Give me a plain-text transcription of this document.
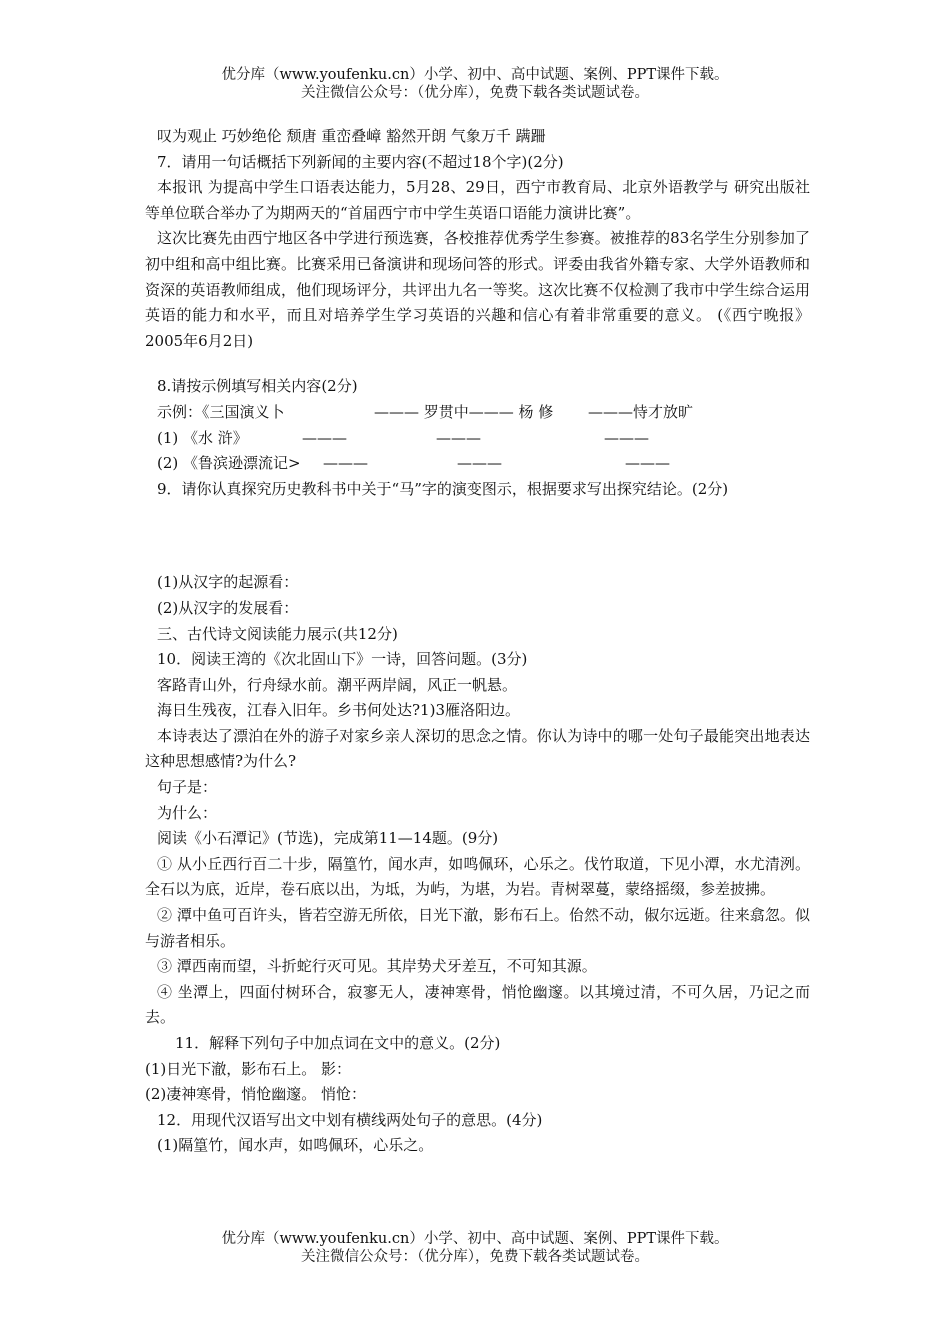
优分库（www.youfenku.cn）小学、初中、高中试题、案例、PPT课件下载。
关注微信公众号：（优分库），免费下载各类试题试卷。
叹为观止 巧妙绝伦 颓唐 重峦叠嶂 豁然开朗 气象万千 蹒跚
7．请用一句话概括下列新闻的主要内容(不超过18个字)(2分)
本报讯 为提高中学生口语表达能力，5月28、29日，西宁市教育局、北京外语教学与 研究出版社等单位联合举办了为期两天的“首届西宁市中学生英语口语能力演讲比赛”。
这次比赛先由西宁地区各中学进行预选赛，各校推荐优秀学生参赛。被推荐的83名学生分别参加了初中组和高中组比赛。比赛采用已备演讲和现场问答的形式。评委由我省外籍专家、大学外语教师和资深的英语教师组成，他们现场评分，共评出九名一等奖。这次比赛不仅检测了我市中学生综合运用英语的能力和水平，而且对培养学生学习英语的兴趣和信心有着非常重要的意义。 (《西宁晚报》2005年6月2日)
8.请按示例填写相关内容(2分)
示例：《三国演义卜	——— 罗贯中——— 杨 修	———恃才放旷
(1) 《水 浒》	———	———	———
(2) 《鲁滨逊漂流记>	———	———	———
9．请你认真探究历史教科书中关于“马”字的演变图示，根据要求写出探究结论。(2分)
(1)从汉字的起源看：
(2)从汉字的发展看：
三、古代诗文阅读能力展示(共12分)
10．阅读王湾的《次北固山下》一诗，回答问题。(3分)
客路青山外，行舟绿水前。潮平两岸阔，风正一帆悬。
海日生残夜，江春入旧年。乡书何处达?1)3雁洛阳边。
本诗表达了漂泊在外的游子对家乡亲人深切的思念之情。你认为诗中的哪一处句子最能突出地表达这种思想感情?为什么?
句子是：
为什么：
阅读《小石潭记》(节选)，完成第11—14题。(9分)
① 从小丘西行百二十步，隔篁竹，闻水声，如鸣佩环，心乐之。伐竹取道，下见小潭，水尤清洌。全石以为底，近岸，卷石底以出，为坻，为屿，为堪，为岩。青树翠蔓，蒙络摇缀，参差披拂。
② 潭中鱼可百许头，皆若空游无所依，日光下澈，影布石上。佁然不动，俶尔远逝。往来翕忽。似与游者相乐。
③ 潭西南而望，斗折蛇行灭可见。其岸势犬牙差互，不可知其源。
④ 坐潭上，四面付树环合，寂寥无人，凄神寒骨，悄怆幽邃。以其境过清，不可久居，乃记之而去。
11．解释下列句子中加点词在文中的意义。(2分)
(1)日光下澈，影布石上。 影：
(2)凄神寒骨，悄怆幽邃。 悄怆：
12．用现代汉语写出文中划有横线两处句子的意思。(4分)
(1)隔篁竹，闻水声，如鸣佩环，心乐之。
优分库（www.youfenku.cn）小学、初中、高中试题、案例、PPT课件下载。
关注微信公众号：（优分库），免费下载各类试题试卷。
